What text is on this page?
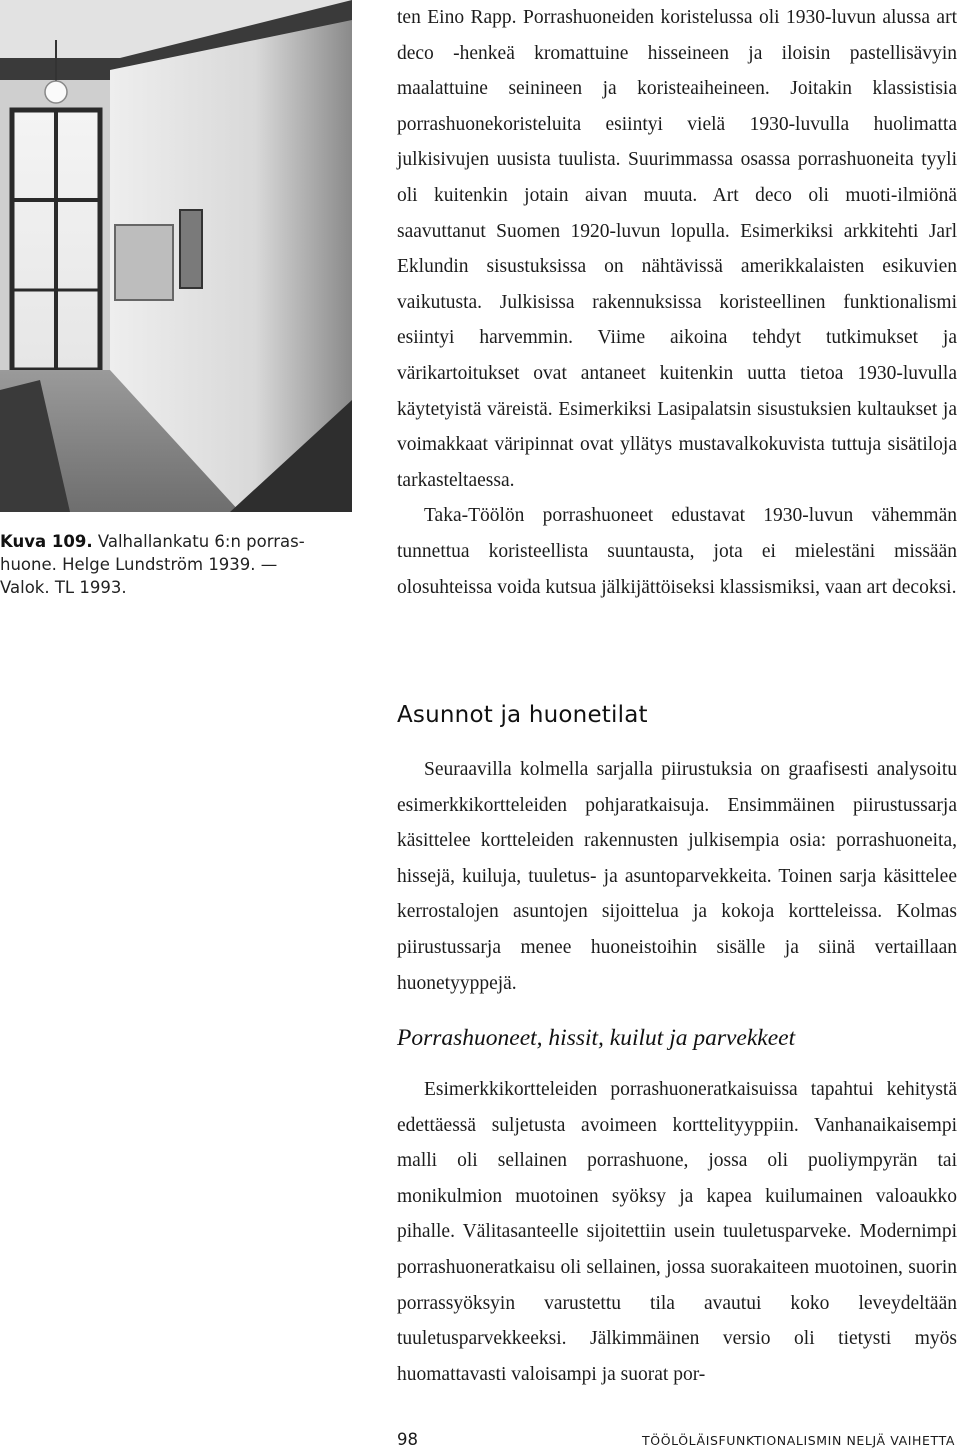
Kuva 109. Valhallankatu 6:n porras-huone. Helge Lundström 1939. — Valok. TL 1993.

ten Eino Rapp. Porrashuoneiden koristelussa oli 1930-luvun alussa art deco -henkeä kromattuine hisseineen ja iloisin pastellisävyin maalattuine seinineen ja koristeaiheineen. Joitakin klassistisia porrashuonekoristeluita esiintyi vielä 1930-luvulla huolimatta julkisivujen uusista tuulista. Suurimmassa osassa porrashuoneita tyyli oli kuitenkin jotain aivan muuta. Art deco oli muoti-ilmiönä saavuttanut Suomen 1920-luvun lopulla. Esimerkiksi arkkitehti Jarl Eklundin sisustuksissa on nähtävissä amerikkalaisten esikuvien vaikutusta. Julkisissa rakennuksissa koristeellinen funktionalismi esiintyi harvemmin. Viime aikoina tehdyt tutkimukset ja värikartoitukset ovat antaneet kuitenkin uutta tietoa 1930-luvulla käytetyistä väreistä. Esimerkiksi Lasipalatsin sisustuksien kultaukset ja voimakkaat väripinnat ovat yllätys mustavalkokuvista tuttuja sisätiloja tarkasteltaessa.

Taka-Töölön porrashuoneet edustavat 1930-luvun vähemmän tunnettua koristeellista suuntausta, jota ei mielestäni missään olosuhteissa voida kutsua jälkijättöiseksi klassismiksi, vaan art decoksi.

Asunnot ja huonetilat

Seuraavilla kolmella sarjalla piirustuksia on graafisesti analysoitu esimerkkikortteleiden pohjaratkaisuja. Ensimmäinen piirustussarja käsittelee kortteleiden rakennusten julkisempia osia: porrashuoneita, hissejä, kuiluja, tuuletus- ja asuntoparvekkeita. Toinen sarja käsittelee kerrostalojen asuntojen sijoittelua ja kokoja kortteleissa. Kolmas piirustussarja menee huoneistoihin sisälle ja siinä vertaillaan huonetyyppejä.

Porrashuoneet, hissit, kuilut ja parvekkeet

Esimerkkikortteleiden porrashuoneratkaisuissa tapahtui kehitystä edettäessä suljetusta avoimeen korttelityyppiin. Vanhanaikaisempi malli oli sellainen porrashuone, jossa oli puoliympyrän tai monikulmion muotoinen syöksy ja kapea kuilumainen valoaukko pihalle. Välitasanteelle sijoitettiin usein tuuletusparveke. Modernimpi porrashuoneratkaisu oli sellainen, jossa suorakaiteen muotoinen, suorin porrassyöksyin varustettu tila avautui koko leveydeltään tuuletusparvekkeeksi. Jälkimmäinen versio oli tietysti myös huomattavasti valoisampi ja suorat por-

98	TÖÖLÖLÄISFUNKTIONALISMIN NELJÄ VAIHETTA
